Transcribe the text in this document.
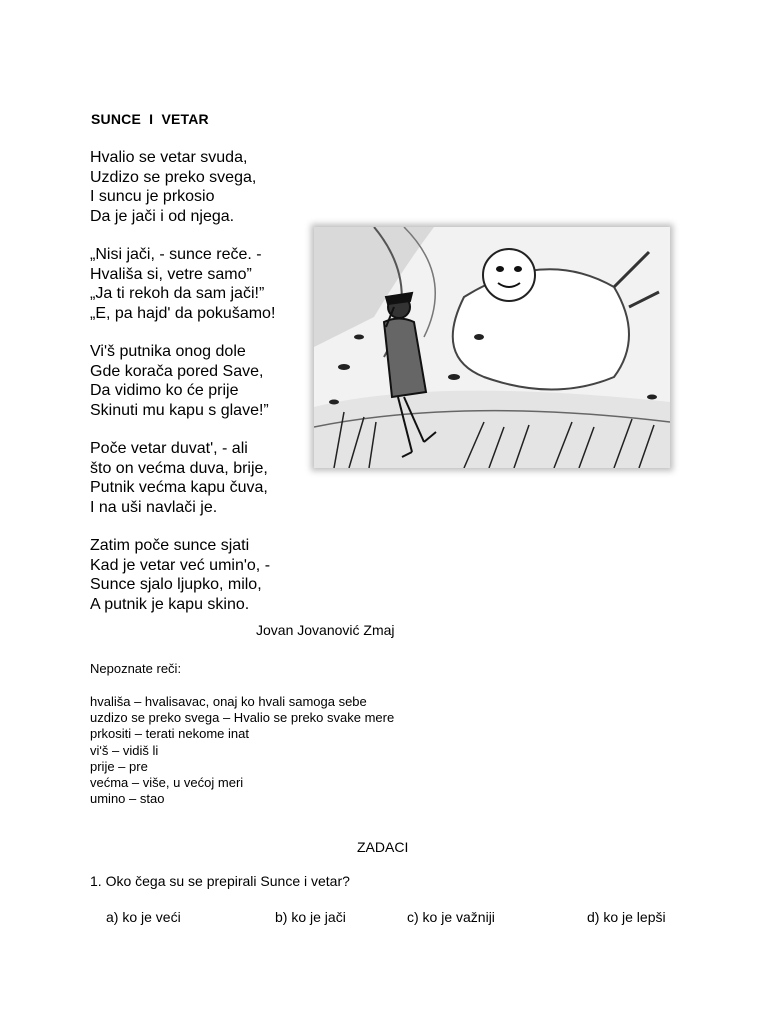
SUNCE  I  VETAR
Hvalio se vetar svuda,
Uzdizo se preko svega,
I suncu je prkosio
Da je jači i od njega.
„Nisi jači, - sunce reče. -
Hvališa si, vetre samo”
„Ja ti rekoh da sam jači!”
„E, pa hajdʹ da pokušamo!
Viʹš putnika onog dole
Gde korača pored Save,
Da vidimo ko će prije
Skinuti mu kapu s glave!”
Poče vetar duvatʹ, - ali
što on većma duva, brije,
Putnik većma kapu čuva,
I na uši navlači je.
Zatim poče sunce sjati
Kad je vetar već uminʹo, -
Sunce sjalo ljupko, milo,
A putnik je kapu skino.
Jovan Jovanović Zmaj
Nepoznate reči:
hvališa – hvalisavac, onaj ko hvali samoga sebe
uzdizo se preko svega – Hvalio se preko svake mere
prkositi – terati nekome inat
viʹš – vidiš li
prije – pre
većma – više, u većoj meri
umino – stao
ZADACI
1. Oko čega su se prepirali Sunce i vetar?
a) ko je veći	b) ko je jači	c) ko je važniji	d) ko je lepši
